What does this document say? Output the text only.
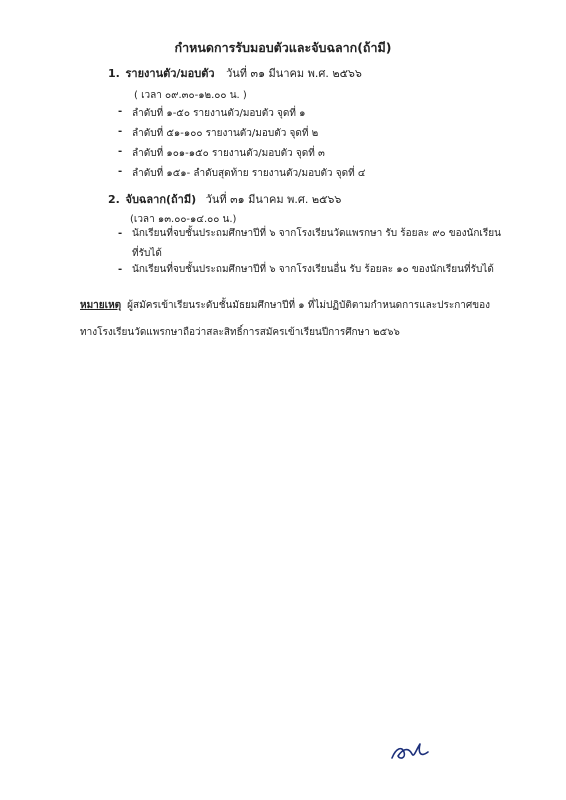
กำหนดการรับมอบตัวและจับฉลาก(ถ้ามี)
1. รายงานตัว/มอบตัว วันที่ ๓๑ มีนาคม พ.ศ. ๒๕๖๖
( เวลา ๐๙.๓๐-๑๒.๐๐ น. )
- ลำดับที่ ๑-๕๐ รายงานตัว/มอบตัว จุดที่ ๑
- ลำดับที่ ๕๑-๑๐๐ รายงานตัว/มอบตัว จุดที่ ๒
- ลำดับที่ ๑๐๑-๑๕๐ รายงานตัว/มอบตัว จุดที่ ๓
- ลำดับที่ ๑๕๑- ลำดับสุดท้าย รายงานตัว/มอบตัว จุดที่ ๔
2. จับฉลาก(ถ้ามี) วันที่ ๓๑ มีนาคม พ.ศ. ๒๕๖๖
(เวลา ๑๓.๐๐-๑๔.๐๐ น.)
- นักเรียนที่จบชั้นประถมศึกษาปีที่ ๖ จากโรงเรียนวัดแพรกษา รับ ร้อยละ ๙๐ ของนักเรียนที่รับได้
- นักเรียนที่จบชั้นประถมศึกษาปีที่ ๖ จากโรงเรียนอื่น รับ ร้อยละ ๑๐ ของนักเรียนที่รับได้
หมายเหตุ ผู้สมัครเข้าเรียนระดับชั้นมัธยมศึกษาปีที่ ๑ ที่ไม่ปฏิบัติตามกำหนดการและประกาศของทางโรงเรียนวัดแพรกษาถือว่าสละสิทธิ์การสมัครเข้าเรียนปีการศึกษา ๒๕๖๖
